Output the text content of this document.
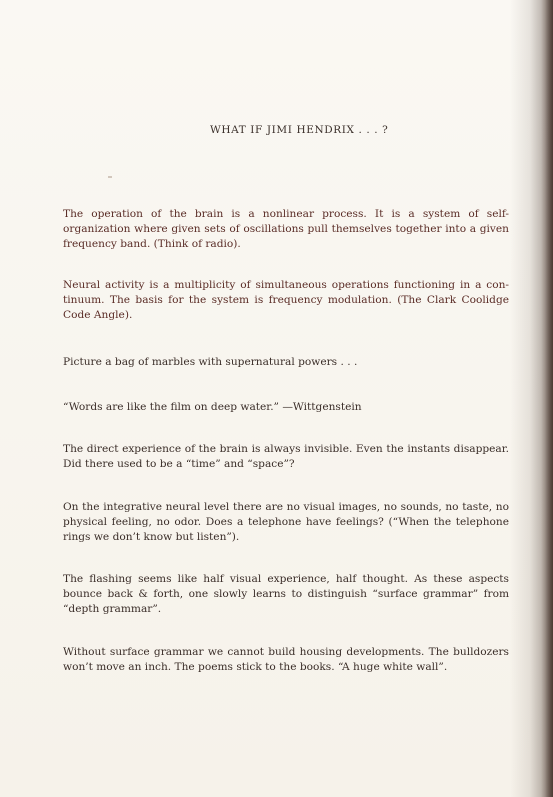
WHAT IF JIMI HENDRIX . . . ?
The operation of the brain is a nonlinear process. It is a system of self-organization where given sets of oscillations pull themselves together into a given frequency band. (Think of radio).
Neural activity is a multiplicity of simultaneous operations functioning in a con-tinuum. The basis for the system is frequency modulation. (The Clark Coolidge Code Angle).
Picture a bag of marbles with supernatural powers . . .
“Words are like the film on deep water.” —Wittgenstein
The direct experience of the brain is always invisible. Even the instants disappear. Did there used to be a “time” and “space”?
On the integrative neural level there are no visual images, no sounds, no taste, no physical feeling, no odor. Does a telephone have feelings? (“When the telephone rings we don’t know but listen”).
The flashing seems like half visual experience, half thought. As these aspects bounce back & forth, one slowly learns to distinguish “surface grammar” from “depth grammar”.
Without surface grammar we cannot build housing developments. The bulldozers won’t move an inch. The poems stick to the books. “A huge white wall”.
